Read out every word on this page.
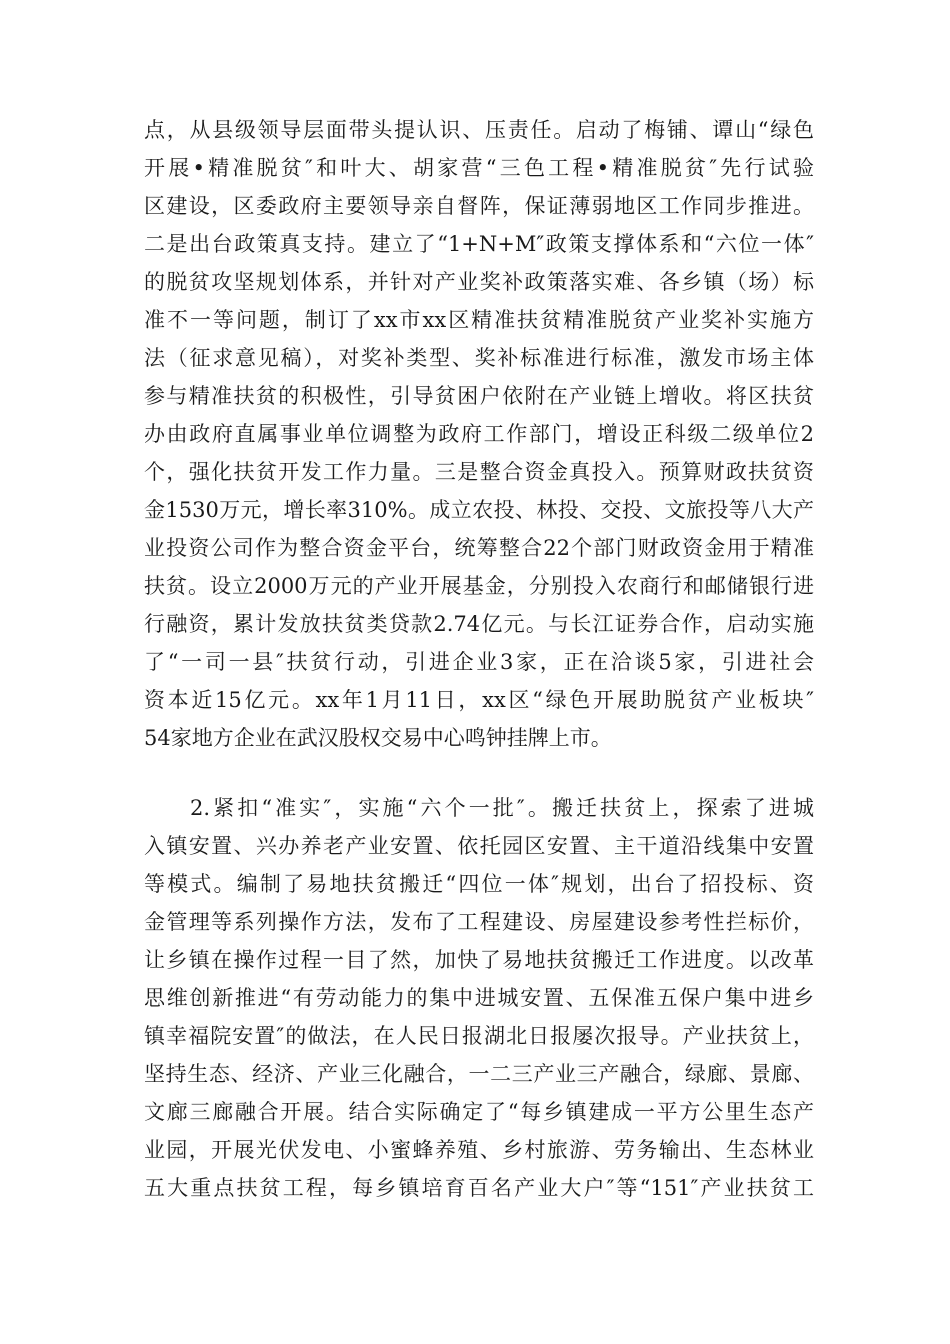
点，从县级领导层面带头提认识、压责任。启动了梅铺、谭山“绿色
开展•精准脱贫″和叶大、胡家营“三色工程•精准脱贫″先行试验
区建设，区委政府主要领导亲自督阵，保证薄弱地区工作同步推进。
二是出台政策真支持。建立了“1+N+M″政策支撑体系和“六位一体″
的脱贫攻坚规划体系，并针对产业奖补政策落实难、各乡镇（场）标
准不一等问题，制订了xx市xx区精准扶贫精准脱贫产业奖补实施方
法（征求意见稿），对奖补类型、奖补标准进行标准，激发市场主体
参与精准扶贫的积极性，引导贫困户依附在产业链上增收。将区扶贫
办由政府直属事业单位调整为政府工作部门，增设正科级二级单位2
个，强化扶贫开发工作力量。三是整合资金真投入。预算财政扶贫资
金1530万元，增长率310%。成立农投、林投、交投、文旅投等八大产
业投资公司作为整合资金平台，统筹整合22个部门财政资金用于精准
扶贫。设立2000万元的产业开展基金，分别投入农商行和邮储银行进
行融资，累计发放扶贫类贷款2.74亿元。与长江证券合作，启动实施
了“一司一县″扶贫行动，引进企业3家，正在洽谈5家，引进社会
资本近15亿元。xx年1月11日，xx区“绿色开展助脱贫产业板块″
54家地方企业在武汉股权交易中心鸣钟挂牌上市。
2.紧扣“准实″，实施“六个一批″。搬迁扶贫上，探索了进城
入镇安置、兴办养老产业安置、依托园区安置、主干道沿线集中安置
等模式。编制了易地扶贫搬迁“四位一体″规划，出台了招投标、资
金管理等系列操作方法，发布了工程建设、房屋建设参考性拦标价，
让乡镇在操作过程一目了然，加快了易地扶贫搬迁工作进度。以改革
思维创新推进“有劳动能力的集中进城安置、五保准五保户集中进乡
镇幸福院安置″的做法，在人民日报湖北日报屡次报导。产业扶贫上，
坚持生态、经济、产业三化融合，一二三产业三产融合，绿廊、景廊、
文廊三廊融合开展。结合实际确定了“每乡镇建成一平方公里生态产
业园，开展光伏发电、小蜜蜂养殖、乡村旅游、劳务输出、生态林业
五大重点扶贫工程，每乡镇培育百名产业大户″等“151″产业扶贫工
